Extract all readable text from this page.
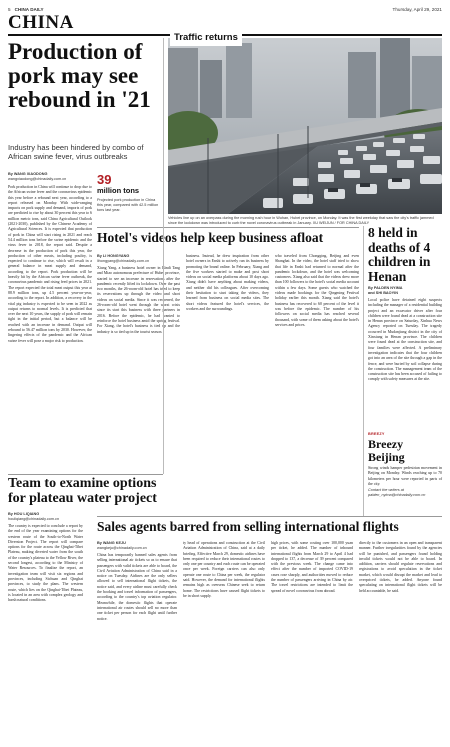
5 CHINA DAILY	Thursday, April 29, 2021
CHINA
Production of pork may see rebound in '21
Industry has been hindered by combo of African swine fever, virus outbreaks
By WANG XIAODONG
wangxiaodong@chinadaily.com.cn
Pork production in China will continue to drop due to the African swine fever and the coronavirus epidemic this year before a rebound next year, according to a report released on Monday. With wide-ranging impacts on pork supply and demand, imports of pork are predicted to rise by about 30 percent this year to 6 million metric tons, said China Agricultural Outlook (2021-2030), published by the Chinese Academy of Agricultural Sciences. It is expected that production of pork in China will start rising in 2021 and reach 54.4 million tons before the swine epidemic and the virus fever in 2018, the report said. Despite a decrease in the production of pork this year, the production of other meats, including poultry, is expected to continue to rise, which will result in a general balance in meat supply and demand, according to the report. Pork production will be heavily hit by the African swine fever outbreak, the coronavirus pandemic and rising feed prices in 2021. The report expected the total meat output this year at 88.9 million tons, up 4.5 percent year-on-year, according to the report. In addition, a recovery in the vital pig industry is expected to be seen in 2022 as output returns to normal levels. It is predicted that over the next 10 years, the supply of pork will remain tight in the initial period, but a balance will be reached with an increase in demand. Output will rebound to 56.47 million tons by 2030. However, the lingering effects of the pandemic and the African swine fever will pose a major risk to production.
39
million tons
Projected pork production in China this year, compared with 42.5 million tons last year.
Traffic returns
Vehicles line up on an overpass during the morning rush hour in Wuhan, Hubei province, on Monday. It was the first weekday that saw the city's traffic jammed since the lockdown was introduced to curb the novel coronavirus outbreak in January. XU WEIJUN / FOR CHINA DAILY
Hotel's videos help keep business afloat
By LI HONGYANG
lihongyang@chinadaily.com.cn
Xiang Yang, a business hotel owner in Bindi Tang and Miao autonomous prefecture of Hubei province, started to see an increase in reservations after the pandemic recently lifted its lockdown. Over the past two months, the 26-room-old hotel has tried to keep its reservations up through the video and short videos on social media. Since it was reopened, the 26-room-old hotel went through the worst crisis since its start this business with three partners in 2016. Before the epidemic, he had wanted to reinforce the hotel business amid the spring festival. For Xiang, the hotel's business is tied up and the industry is so tied up in the tourist season.
business. Instead, he drew inspiration from other hotel owners in Enshi to actively run its business by promoting the brand online. In February, Xiang and the five workers started to make and post short videos on social media platforms about 10 days ago. Xiang didn't have anything about making videos, and neither did his colleagues. After overcoming their hesitation to start taking the videos, they learned from business on social media sites. The short videos featured the hotel's services, the workers and the surroundings.
who traveled from Chongqing, Beijing and even Shanghai. In the video, the hotel staff tried to show that life in Enshi had returned to normal after the pandemic lockdown, and the hotel was welcoming customers. Xiang also said that the videos drew more than 100 followers to the hotel's social media account within a few days. Some guests who watched the videos made bookings for the Qingming Festival holiday earlier this month. Xiang said the hotel's business has recovered to 60 percent of the level it was before the epidemic. The number of his followers on social media has reached several thousand, with some of them asking about the hotel's services and prices.
8 held in deaths of 4 children in Henan
By PALDEN NYIMA
and SHI BAOYIN
Local police have detained eight suspects including the manager of a residential building project and an excavator driver after four children were found dead at a construction site in Henan province on Saturday, Xinhua News Agency reported on Tuesday. The tragedy occurred in Mudanjiang district in the city of Xinxiang in Henan province. The children were found dead at the construction site, and four families were affected. A preliminary investigation indicates that the four children got into an area of the site through a gap in the fence, and were buried by soil collapse during the construction. The management team of the construction site has been accused of failing to comply with safety measures at the site.
BREEZY
Breezy
Beijing
Strong winds hamper pedestrian movement in Beijing on Monday. Winds reaching up to 70 kilometers per hour were reported in parts of the city.
Contact the writers at palden_nyima@chinadaily.com.cn
Team to examine options for plateau water project
By HOU LIQIANG
houliqiang@chinadaily.com.cn
The country is expected to conclude a report by the end of the year examining options for the western route of the South-to-North Water Diversion Project. The report will compare options for the route across the Qinghai-Tibet Plateau, making diverted water from the south of the country's plateau to the Yellow River, the second longest, according to the Ministry of Water Resources. To finalize the report, an investigation team will visit six regions and provinces, including Sichuan and Qinghai provinces, to study the plans. The western route, which lies on the Qinghai-Tibet Plateau, is located in an area with complex geology and harsh natural conditions.
Sales agents barred from selling international flights
By WANG KEJU
wangkeju@chinadaily.com.cn
China has temporarily banned sales agents from selling international air tickets so as to ensure that passengers with valid tickets are able to board, the Civil Aviation Administration of China said in a notice on Tuesday. Airlines are the only sellers allowed to sell international flight tickets, the notice said, and every airline must carefully check the booking and travel information of passengers, according to the country's top aviation regulator. Meanwhile, the domestic flights that operate international air routes should sell no more than one ticket per person for each flight until further notice.
ty head of operations and construction at the Civil Aviation Administration of China, said at a daily briefing. Effective March 29, domestic airlines have been required to reduce their international routes to only one per country and each route can be operated once per week. Foreign carriers can also only operate one route to China per week, the regulator said. However, the demand for international flights remains high as overseas Chinese seek to return home. The restrictions have caused flight tickets to be in short supply.
high prices, with some costing over 100,000 yuan per ticket, he added. The number of inbound international flights from March 29 to April 4 had dropped to 137, a decrease of 39 percent compared with the previous week. The change came into effect after the number of imported COVID-19 cases rose sharply, and authorities moved to reduce the number of passengers arriving in China by air. The travel restrictions are intended to limit the spread of novel coronavirus from abroad.
directly to the customers in an open and transparent manner. Further irregularities found by the agencies will be punished, and passengers found holding invalid tickets would not be able to board. In addition, carriers should regulate reservations and registrations to avoid speculation in the ticket market, which would disrupt the market and lead to overpriced tickets, he added. Anyone found speculating on international flight tickets will be held accountable, he said.
